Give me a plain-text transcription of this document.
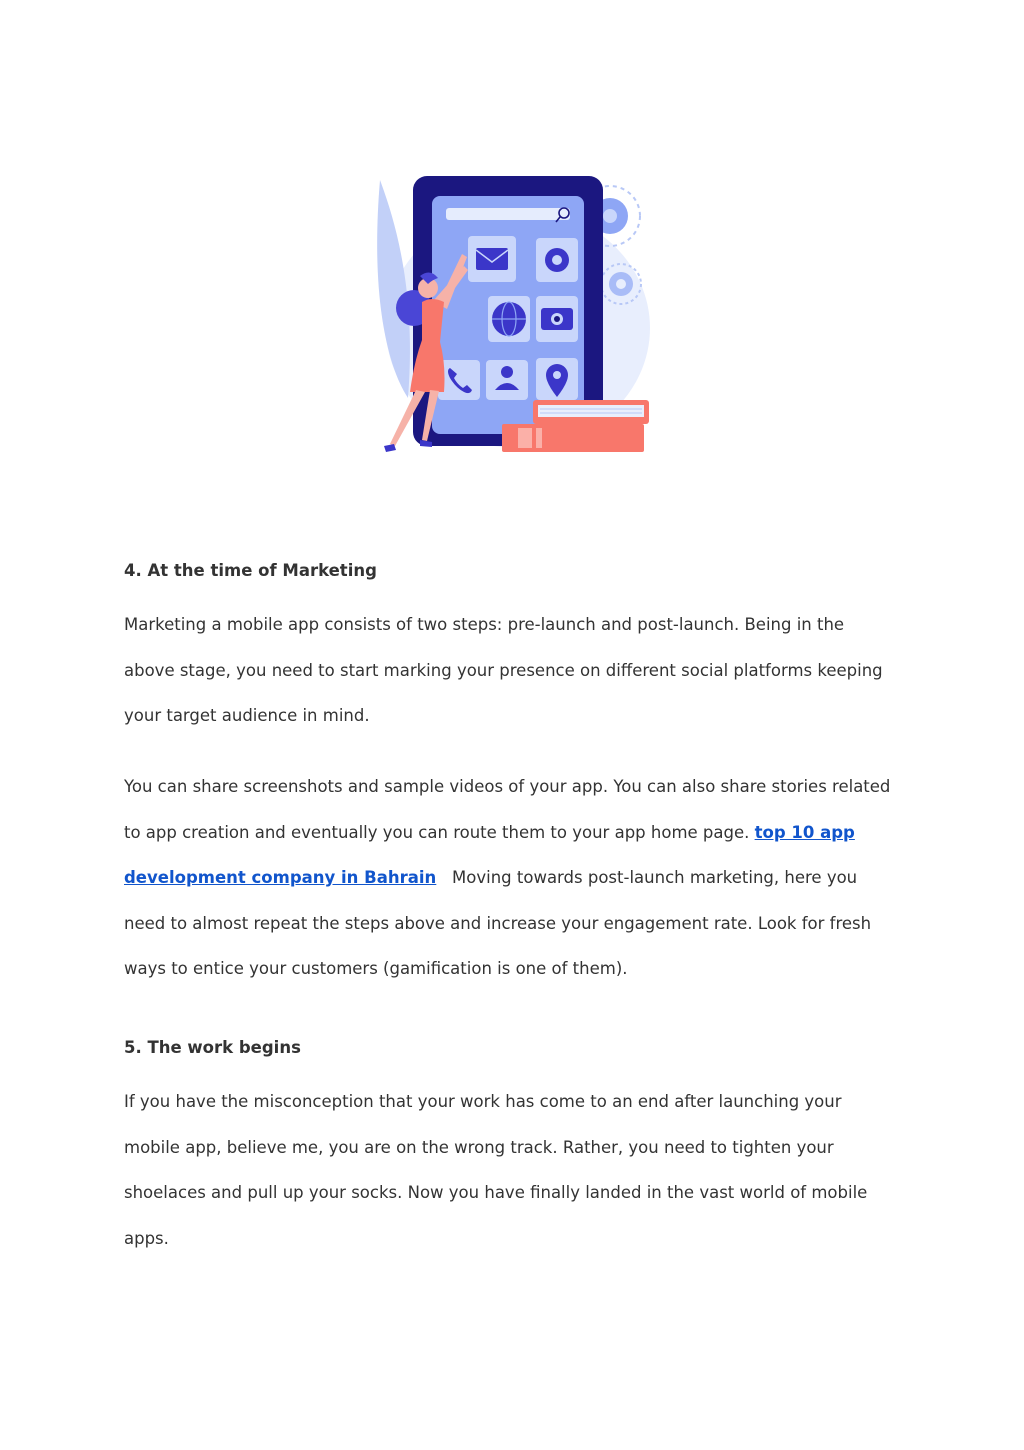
4. At the time of Marketing

Marketing a mobile app consists of two steps: pre-launch and post-launch. Being in the above stage, you need to start marking your presence on different social platforms keeping your target audience in mind.

You can share screenshots and sample videos of your app. You can also share stories related to app creation and eventually you can route them to your app home page. top 10 app development company in Bahrain   Moving towards post-launch marketing, here you need to almost repeat the steps above and increase your engagement rate. Look for fresh ways to entice your customers (gamification is one of them).

5. The work begins

If you have the misconception that your work has come to an end after launching your mobile app, believe me, you are on the wrong track. Rather, you need to tighten your shoelaces and pull up your socks. Now you have finally landed in the vast world of mobile apps.
